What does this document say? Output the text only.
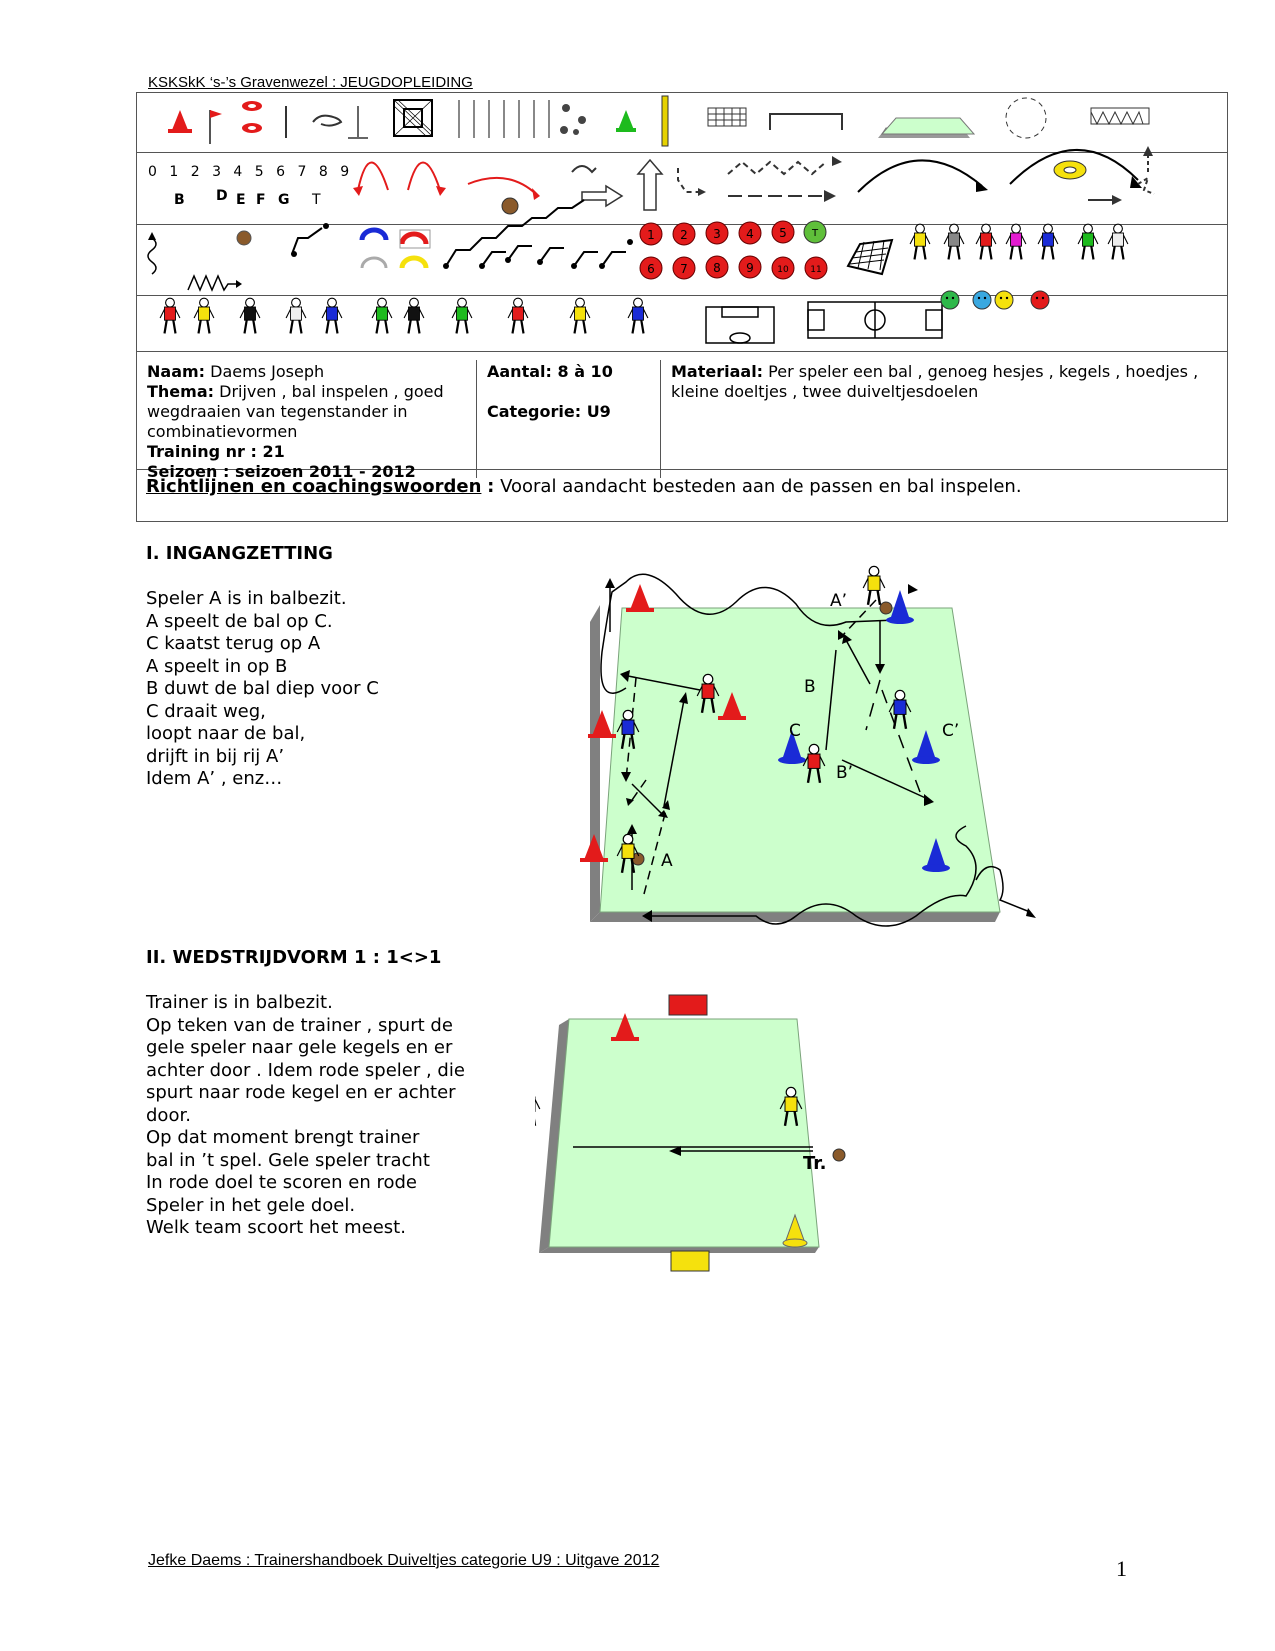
KSKSkK ‘s-’s Gravenwezel : JEUGDOPLEIDING
0 1 2 3 4 5 6 7 8 9
B D E F G T
1 2 3 4 5	T
6 7 8 9	10 11
Naam: Daems Joseph
Thema: Drijven , bal inspelen , goed wegdraaien van tegenstander in combinatievormen
Training nr : 21
Seizoen : seizoen 2011 - 2012
Aantal: 8 à 10
Categorie: U9
Materiaal: Per speler een bal , genoeg hesjes , kegels , hoedjes , kleine doeltjes , twee duiveltjesdoelen
Richtlijnen en coachingswoorden : Vooral aandacht besteden aan de passen en bal inspelen.
I. INGANGZETTING
Speler A is in balbezit.
A speelt de bal op C.
C kaatst terug op A
A speelt in op B
B duwt de bal diep voor C
C draait weg,
loopt naar de bal,
drijft in bij rij A’
Idem A’ , enz…
A
A’
B
B’
C	C’
II. WEDSTRIJDVORM 1 : 1<>1
Trainer is in balbezit.
Op teken van de trainer , spurt de
gele speler naar gele kegels en er
achter door . Idem rode speler , die
spurt naar rode kegel en er achter
door.
Op dat moment brengt trainer
bal in ’t spel. Gele speler tracht
In rode doel te scoren en rode
Speler in het gele doel.
Welk team scoort het meest.
Tr.
Jefke Daems : Trainershandboek Duiveltjes categorie U9 : Uitgave 2012	1
